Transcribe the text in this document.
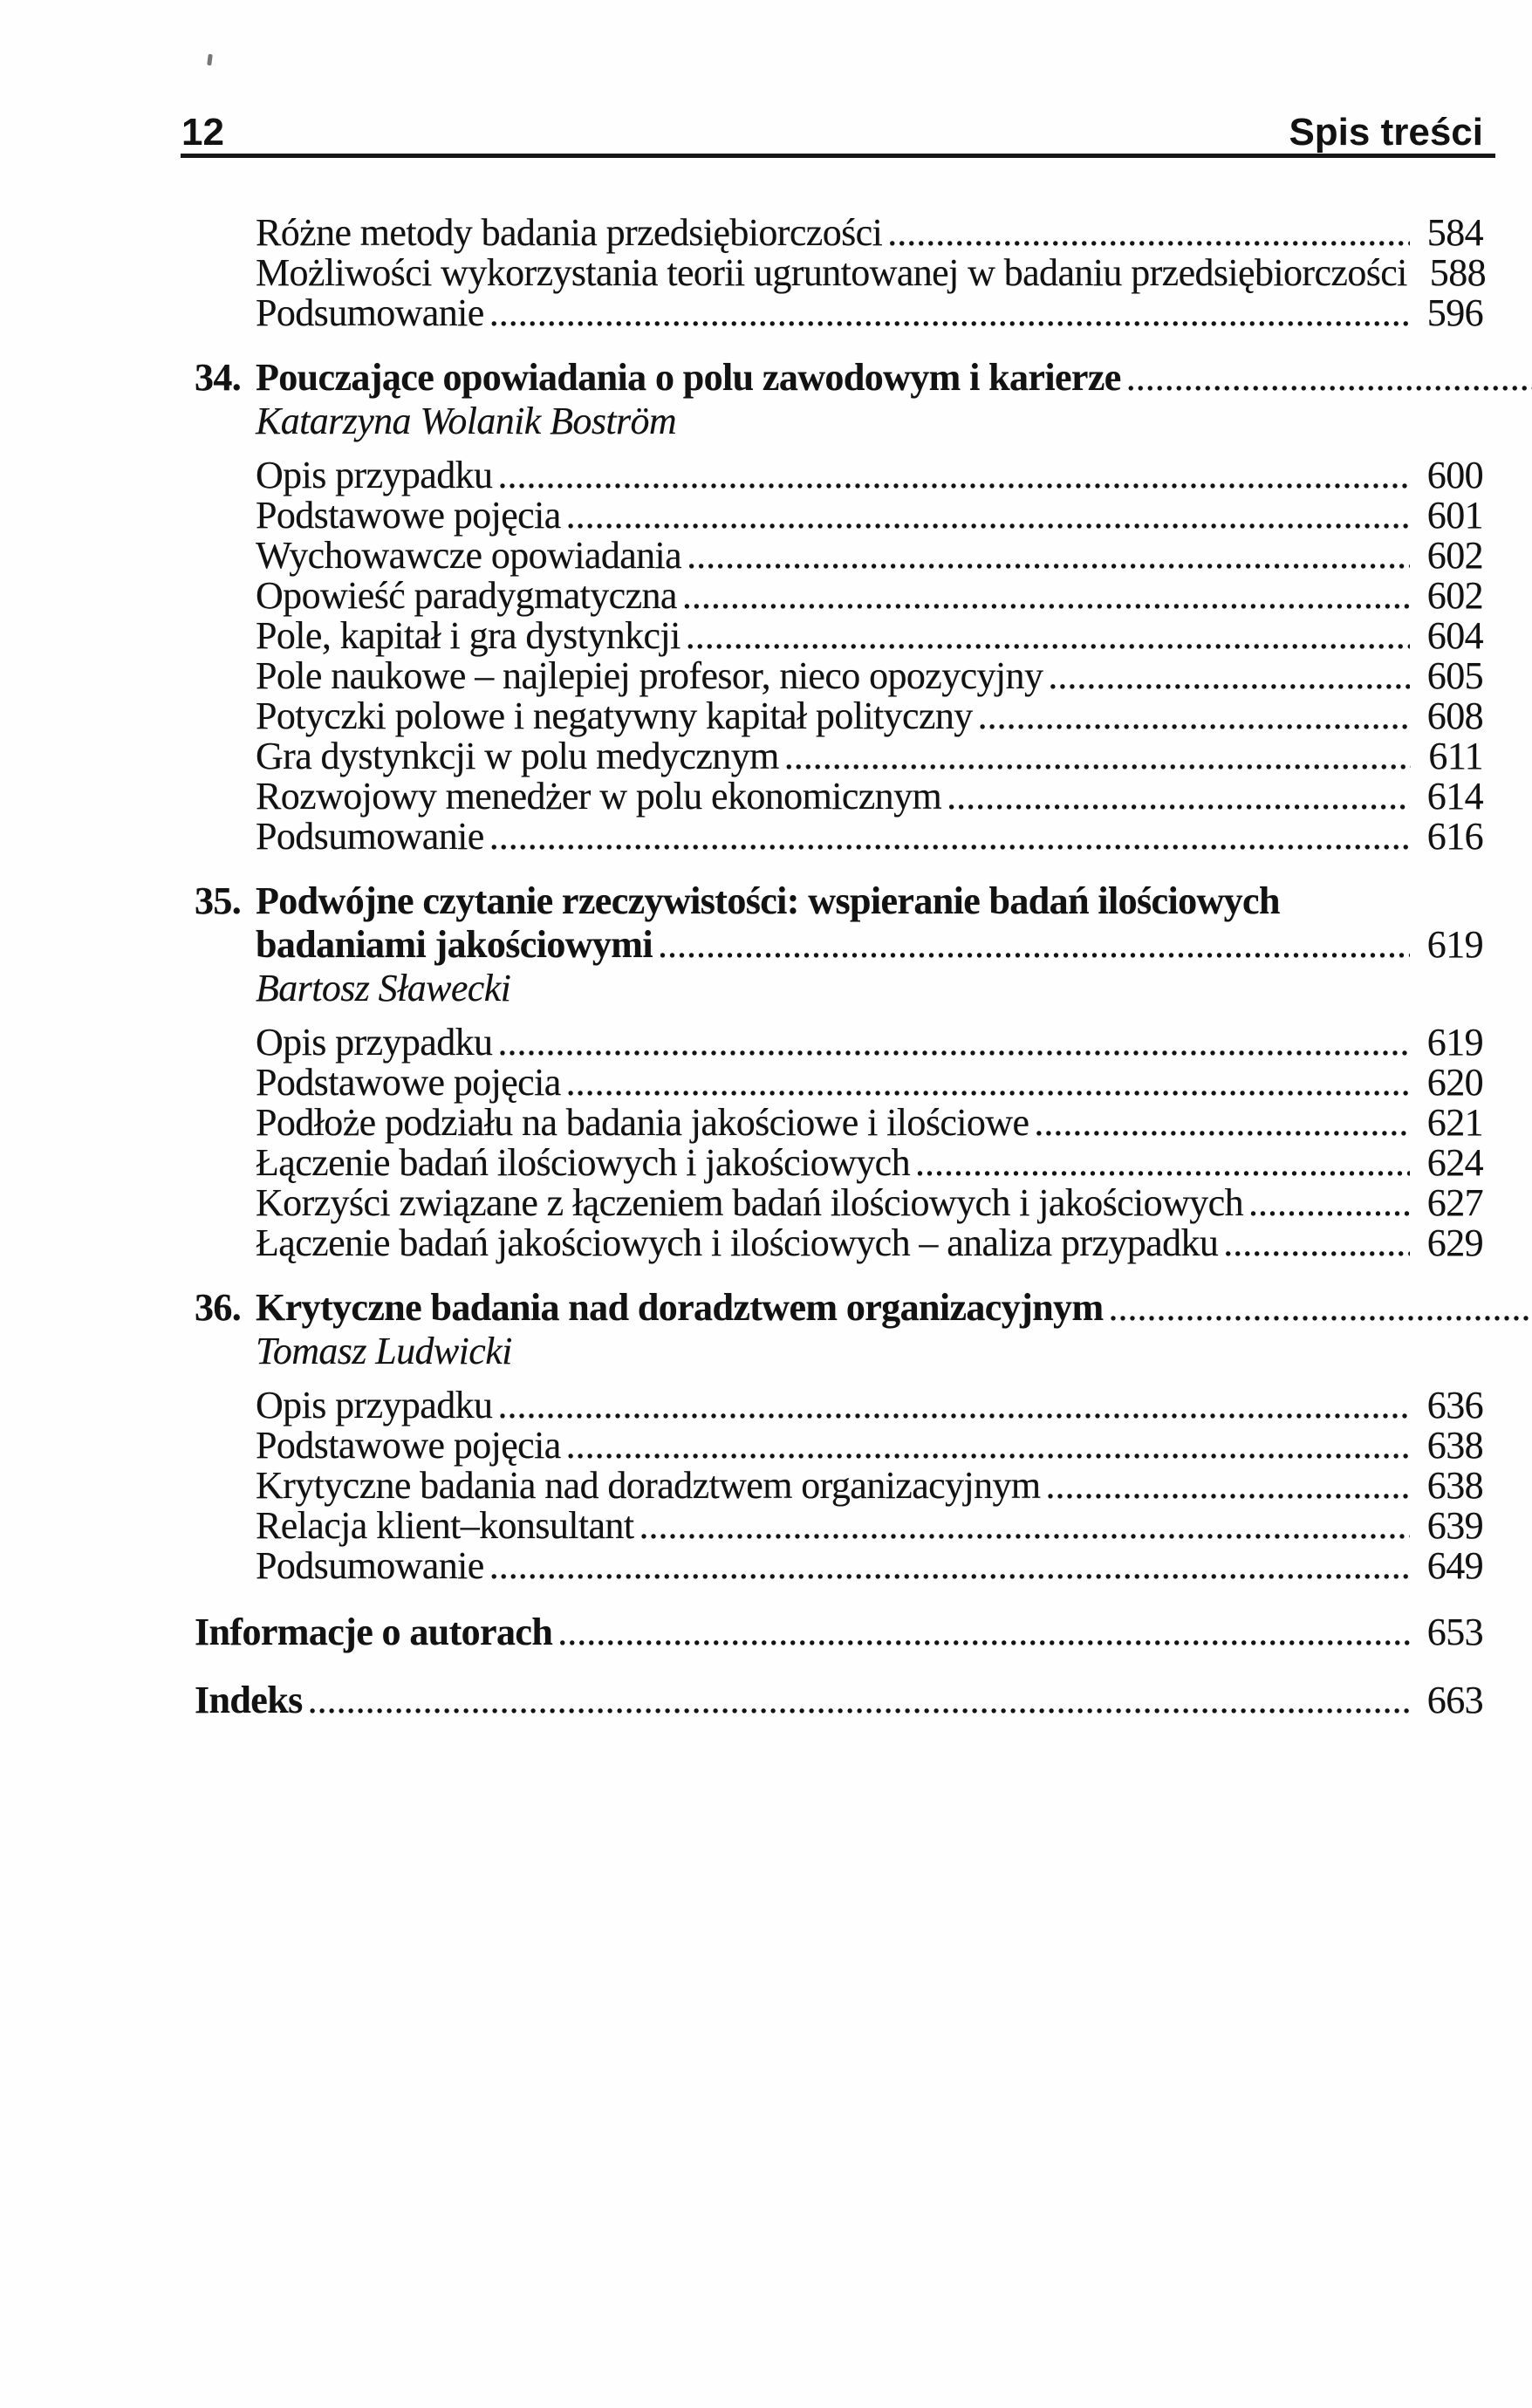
12	Spis treści
Różne metody badania przedsiębiorczości .....	584
Możliwości wykorzystania teorii ugruntowanej w badaniu przedsiębiorczości 588
Podsumowanie .....	596
34. Pouczające opowiadania o polu zawodowym i karierze
.....
Katarzyna Wolanik Boström
Opis przypadku .....	600
Podstawowe pojęcia .....	601
Wychowawcze opowiadania .....	602
Opowieść paradygmatyczna .....	602
Pole, kapitał i gra dystynkcji .....	604
Pole naukowe – najlepiej profesor, nieco opozycyjny .....	605
Potyczki polowe i negatywny kapitał polityczny .....	608
Gra dystynkcji w polu medycznym .....	611
Rozwojowy menedżer w polu ekonomicznym .....	614
Podsumowanie .....	616
35. Podwójne czytanie rzeczywistości: wspieranie badań ilościowych
badaniami jakościowymi .....	619
Bartosz Sławecki
Opis przypadku .....	619
Podstawowe pojęcia .....	620
Podłoże podziału na badania jakościowe i ilościowe .....	621
Łączenie badań ilościowych i jakościowych .....	624
Korzyści związane z łączeniem badań ilościowych i jakościowych .....	627
Łączenie badań jakościowych i ilościowych – analiza przypadku .....	629
36. Krytyczne badania nad doradztwem organizacyjnym
.....
Tomasz Ludwicki
Opis przypadku .....	636
Podstawowe pojęcia .....	638
Krytyczne badania nad doradztwem organizacyjnym .....	638
Relacja klient–konsultant .....	639
Podsumowanie .....	649
Informacje o autorach .....	653
Indeks .....	663
